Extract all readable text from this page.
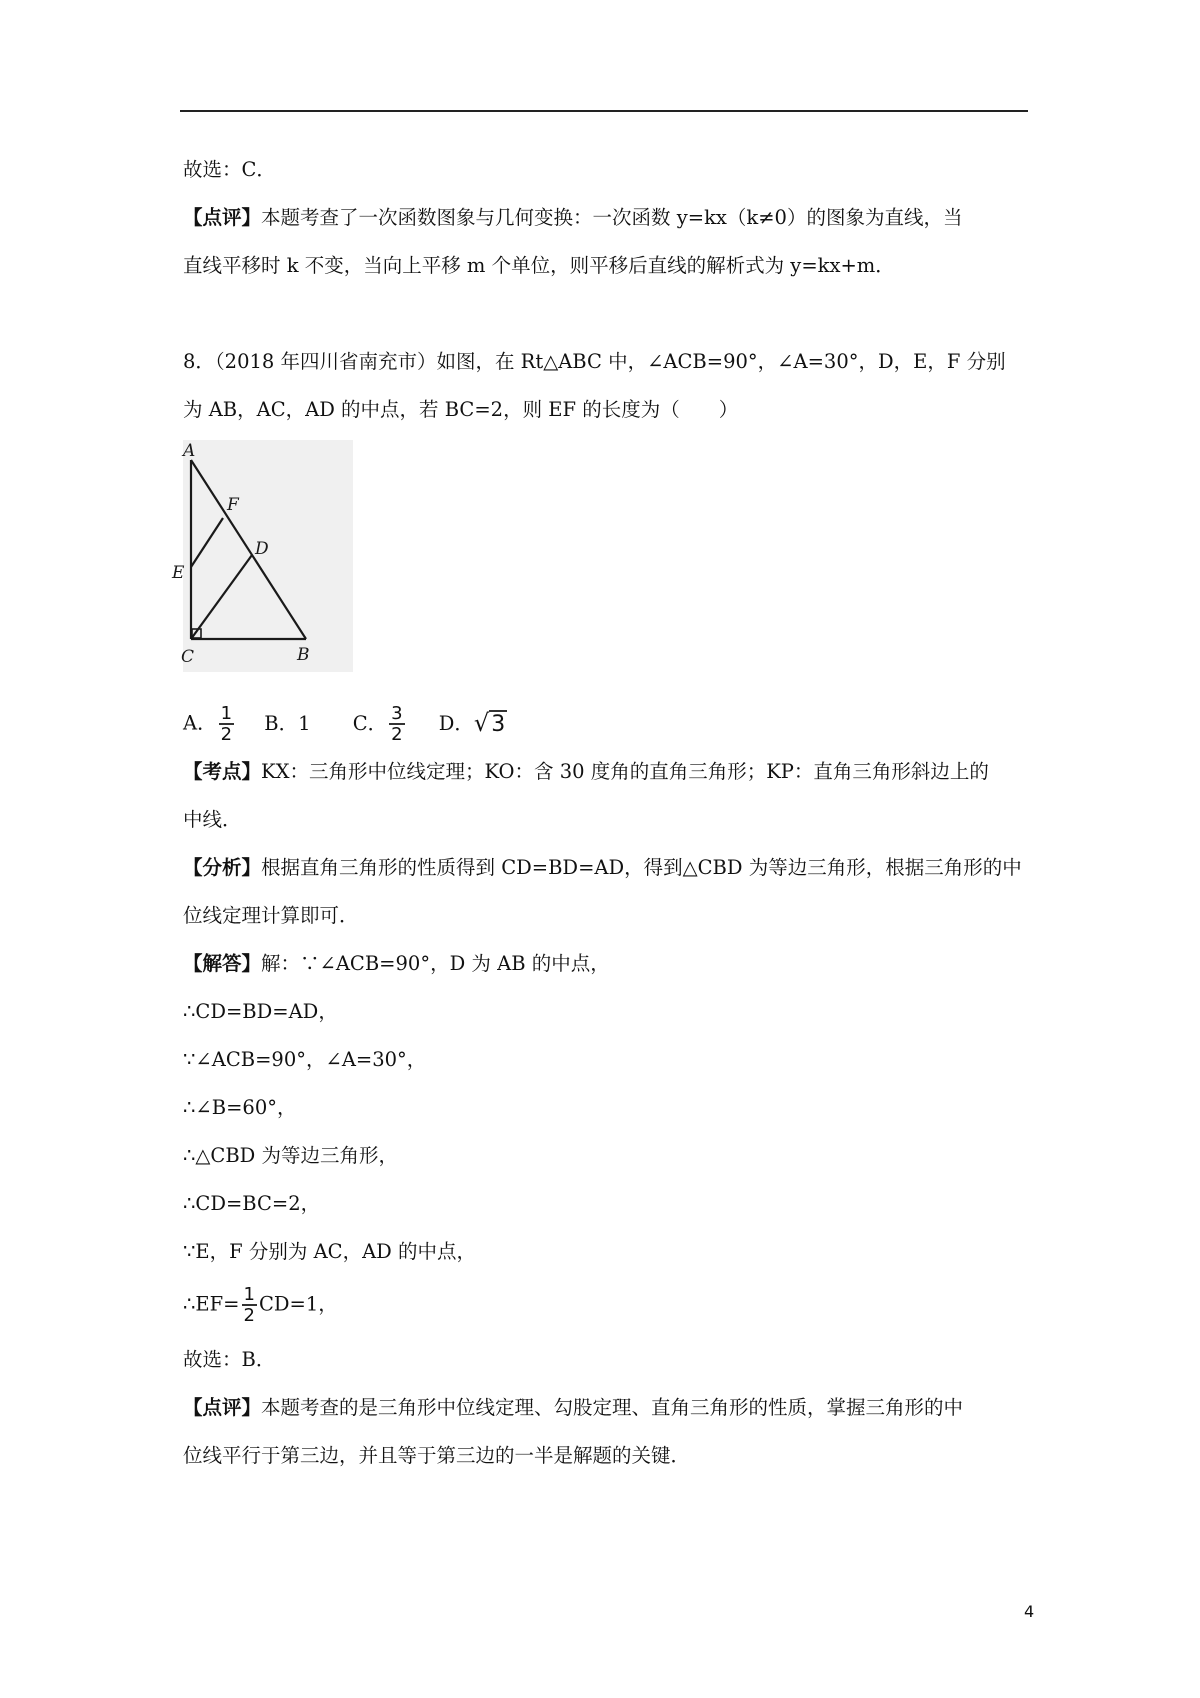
故选：C．
【点评】本题考查了一次函数图象与几何变换：一次函数 y=kx（k≠0）的图象为直线，当
直线平移时 k 不变，当向上平移 m 个单位，则平移后直线的解析式为 y=kx+m．
8．（2018 年四川省南充市）如图，在 Rt△ABC 中，∠ACB=90°，∠A=30°，D，E，F 分别
为 AB，AC，AD 的中点，若 BC=2，则 EF 的长度为（　　）
A
F
D
E
C	B
A． $\frac{1}{2}$ B．1 C． $\frac{3}{2}$ D．√3
【考点】KX：三角形中位线定理；KO：含 30 度角的直角三角形；KP：直角三角形斜边上的
中线．
【分析】根据直角三角形的性质得到 CD=BD=AD，得到△CBD 为等边三角形，根据三角形的中
位线定理计算即可．
【解答】解：∵∠ACB=90°，D 为 AB 的中点，
∴CD=BD=AD，
∵∠ACB=90°，∠A=30°，
∴∠B=60°，
∴△CBD 为等边三角形，
∴CD=BC=2，
∵E，F 分别为 AC，AD 的中点，
∴EF= $\frac{1}{2} CD=1$，
故选：B．
【点评】本题考查的是三角形中位线定理、勾股定理、直角三角形的性质，掌握三角形的中
位线平行于第三边，并且等于第三边的一半是解题的关键．
4
